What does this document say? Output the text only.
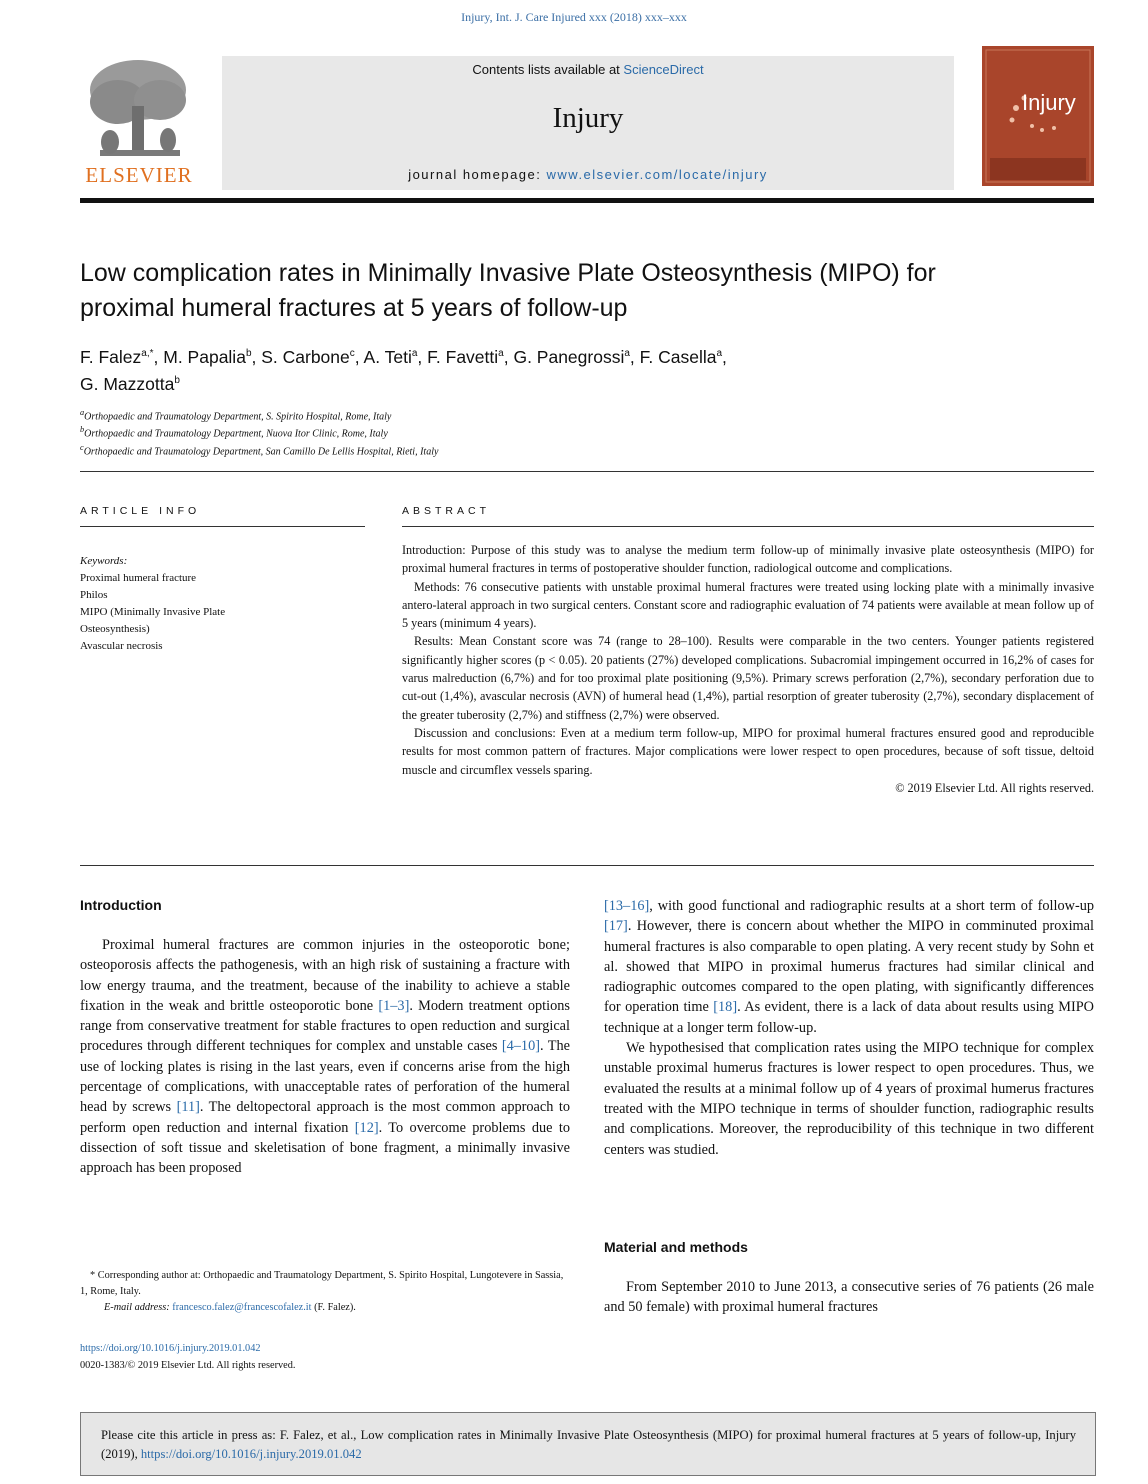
Injury, Int. J. Care Injured xxx (2018) xxx–xxx
ELSEVIER
Contents lists available at ScienceDirect
Injury
journal homepage: www.elsevier.com/locate/injury
Injury
Low complication rates in Minimally Invasive Plate Osteosynthesis (MIPO) for proximal humeral fractures at 5 years of follow-up
F. Falez$^{a,*}$, M. Papalia$^b$, S. Carbone$^c$, A. Teti$^a$, F. Favetti$^a$, G. Panegrossi$^a$, F. Casella$^a$,
G. Mazzotta$^b$
$^a$Orthopaedic and Traumatology Department, S. Spirito Hospital, Rome, Italy
$^b$Orthopaedic and Traumatology Department, Nuova Itor Clinic, Rome, Italy
$^c$Orthopaedic and Traumatology Department, San Camillo De Lellis Hospital, Rieti, Italy
ARTICLE INFO	ABSTRACT
Keywords:
Proximal humeral fracture
Philos
MIPO (Minimally Invasive Plate Osteosynthesis)
Avascular necrosis

Introduction: Purpose of this study was to analyse the medium term follow-up of minimally invasive plate osteosynthesis (MIPO) for proximal humeral fractures in terms of postoperative shoulder function, radiological outcome and complications.

Methods: 76 consecutive patients with unstable proximal humeral fractures were treated using locking plate with a minimally invasive antero-lateral approach in two surgical centers. Constant score and radiographic evaluation of 74 patients were available at mean follow up of 5 years (minimum 4 years).

Results: Mean Constant score was 74 (range to 28–100). Results were comparable in the two centers. Younger patients registered significantly higher scores (p < 0.05). 20 patients (27%) developed complications. Subacromial impingement occurred in 16,2% of cases for varus malreduction (6,7%) and for too proximal plate positioning (9,5%). Primary screws perforation (2,7%), secondary perforation due to cut-out (1,4%), avascular necrosis (AVN) of humeral head (1,4%), partial resorption of greater tuberosity (2,7%), secondary displacement of the greater tuberosity (2,7%) and stiffness (2,7%) were observed.

Discussion and conclusions: Even at a medium term follow-up, MIPO for proximal humeral fractures ensured good and reproducible results for most common pattern of fractures. Major complications were lower respect to open procedures, because of soft tissue, deltoid muscle and circumflex vessels sparing.

© 2019 Elsevier Ltd. All rights reserved.

Introduction

Proximal humeral fractures are common injuries in the osteoporotic bone; osteoporosis affects the pathogenesis, with an high risk of sustaining a fracture with low energy trauma, and the treatment, because of the inability to achieve a stable fixation in the weak and brittle osteoporotic bone [1–3]. Modern treatment options range from conservative treatment for stable fractures to open reduction and surgical procedures through different techniques for complex and unstable cases [4–10]. The use of locking plates is rising in the last years, even if concerns arise from the high percentage of complications, with unacceptable rates of perforation of the humeral head by screws [11]. The deltopectoral approach is the most common approach to perform open reduction and internal fixation [12]. To overcome problems due to dissection of soft tissue and skeletisation of bone fragment, a minimally invasive approach has been proposed

[13–16], with good functional and radiographic results at a short term of follow-up [17]. However, there is concern about whether the MIPO in comminuted proximal humeral fractures is also comparable to open plating. A very recent study by Sohn et al. showed that MIPO in proximal humerus fractures had similar clinical and radiographic outcomes compared to the open plating, with significantly differences for operation time [18]. As evident, there is a lack of data about results using MIPO technique at a longer term follow-up.

We hypothesised that complication rates using the MIPO technique for complex unstable proximal humerus fractures is lower respect to open procedures. Thus, we evaluated the results at a minimal follow up of 4 years of proximal humerus fractures treated with the MIPO technique in terms of shoulder function, radiographic results and complications. Moreover, the reproducibility of this technique in two different centers was studied.

Material and methods

From September 2010 to June 2013, a consecutive series of 76 patients (26 male and 50 female) with proximal humeral fractures

* Corresponding author at: Orthopaedic and Traumatology Department, S. Spirito Hospital, Lungotevere in Sassia, 1, Rome, Italy.
E-mail address: francesco.falez@francescofalez.it (F. Falez).
https://doi.org/10.1016/j.injury.2019.01.042
0020-1383/© 2019 Elsevier Ltd. All rights reserved.
Please cite this article in press as: F. Falez, et al., Low complication rates in Minimally Invasive Plate Osteosynthesis (MIPO) for proximal humeral fractures at 5 years of follow-up, Injury (2019), https://doi.org/10.1016/j.injury.2019.01.042
